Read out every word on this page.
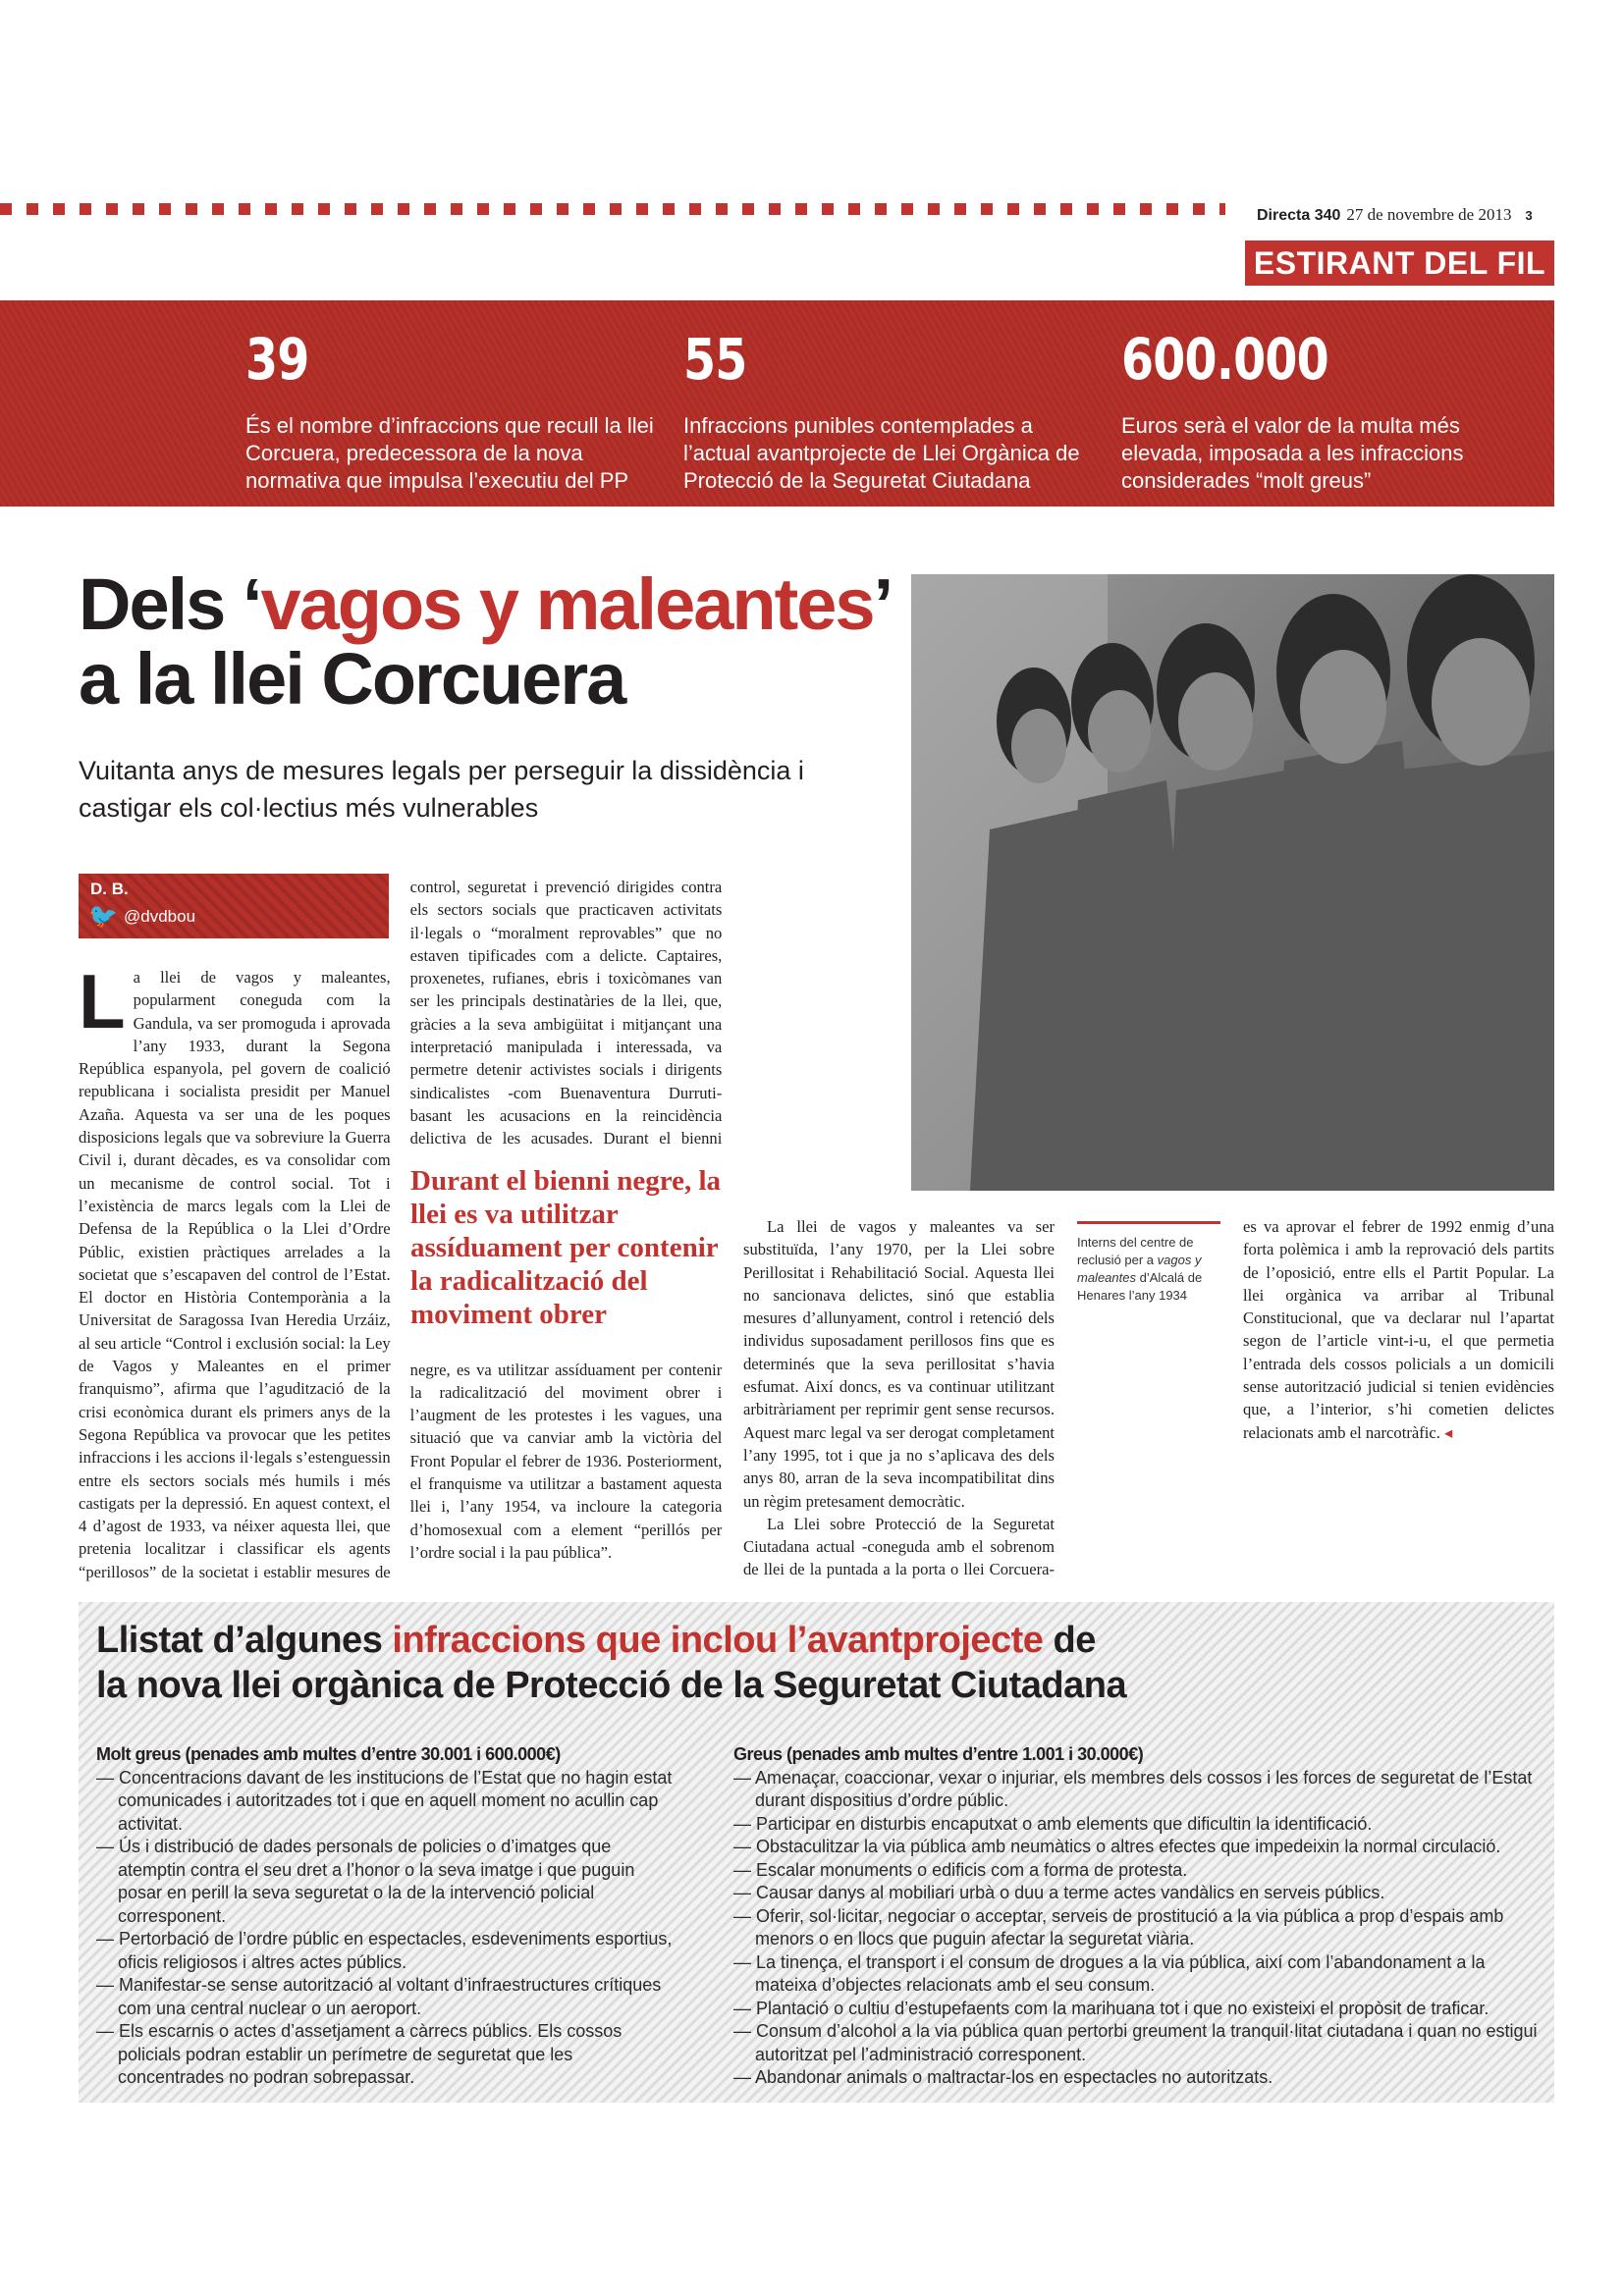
Directa 340 27 de novembre de 2013 3
ESTIRANT DEL FIL
39
És el nombre d’infraccions que recull la llei Corcuera, predecessora de la nova normativa que impulsa l’executiu del PP
55
Infraccions punibles contemplades a l’actual avantprojecte de Llei Orgànica de Protecció de la Seguretat Ciutadana
600.000
Euros serà el valor de la multa més elevada, imposada a les infraccions considerades “molt greus”
Dels ‘vagos y maleantes’
a la llei Corcuera
Vuitanta anys de mesures legals per perseguir la dissidència i castigar els col·lectius més vulnerables
D. B.
🐦 @dvdbou
L a llei de vagos y maleantes, popularment coneguda com la Gandula, va ser promoguda i aprovada l’any 1933, durant la Segona República espanyola, pel govern de coalició republicana i socialista presidit per Manuel Azaña. Aquesta va ser una de les poques disposicions legals que va sobreviure la Guerra Civil i, durant dècades, es va consolidar com un mecanisme de control social. Tot i l’existència de marcs legals com la Llei de Defensa de la República o la Llei d’Ordre Públic, existien pràctiques arrelades a la societat que s’escapaven del control de l’Estat. El doctor en Història Contemporània a la Universitat de Saragossa Ivan Heredia Urzáiz, al seu article “Control i exclusión social: la Ley de Vagos y Maleantes en el primer franquismo”, afirma que l’agudització de la crisi econòmica durant els primers anys de la Segona República va provocar que les petites infraccions i les accions il·legals s’estenguessin entre els sectors socials més humils i més castigats per la depressió. En aquest context, el 4 d’agost de 1933, va néixer aquesta llei, que pretenia localitzar i classificar els agents “perillosos” de la societat i establir mesures de control, seguretat i prevenció dirigides contra els sectors socials que practicaven activitats il·legals o “moralment reprovables” que no estaven tipificades com a delicte. Captaires, proxenetes, rufianes, ebris i toxicòmanes van ser les principals destinatàries de la llei, que, gràcies a la seva ambigüitat i mitjançant una interpretació manipulada i interessada, va permetre detenir activistes socials i dirigents sindicalistes -com Buenaventura Durruti- basant les acusacions en la reincidència delictiva
de les acusades. Durant el bienni negre, es va utilitzar assíduament per contenir la radicalització del moviment obrer i l’augment de les protestes i les vagues, una situació que va canviar amb la victòria del Front Popular el febrer de 1936. Posteriorment, el franquisme va utilitzar a bastament aquesta llei i, l’any 1954, va incloure la categoria d’homosexual com a element “perillós per l’ordre social i la pau pública”.

La llei de vagos y maleantes va ser substituïda, l’any 1970, per la Llei sobre Perillositat i Rehabilitació Social. Aquesta llei no sancionava delictes, sinó que establia mesures d’allunyament, control i retenció dels individus suposadament perillosos fins que es determinés que la seva perillositat s’havia esfumat. Així doncs, es va continuar utilitzant arbitràriament per reprimir gent sense recursos. Aquest marc legal va ser derogat completament l’any 1995, tot i que ja no s’aplicava des dels anys 80, arran de la seva incompatibilitat dins un règim pretesament democràtic.

La Llei sobre Protecció de la Seguretat Ciutadana actual -coneguda amb el sobrenom de llei de la puntada a la porta o llei Corcuera- es va aprovar el febrer de 1992 enmig d’una forta polèmica i amb la reprovació dels partits de l’oposició, entre ells el Partit Popular. La llei orgànica va arribar al Tribunal Constitucional, que va declarar nul l’apartat segon de l’article vint-i-u, el que permetia l’entrada dels cossos policials a un domicili sense autorització judicial si tenien evidències que, a l’interior, s’hi cometien delictes relacionats amb el narcotràfic. ◂

Durant el bienni negre, la llei es va utilitzar assíduament per contenir la radicalització del moviment obrer
Interns del centre de reclusió per a vagos y maleantes d’Alcalá de Henares l’any 1934
Llistat d’algunes infraccions que inclou l’avantprojecte de
la nova llei orgànica de Protecció de la Seguretat Ciutadana
Molt greus (penades amb multes d’entre 30.001 i 600.000€)
— Concentracions davant de les institucions de l’Estat que no hagin estat comunicades i autoritzades tot i que en aquell moment no acullin cap activitat.
— Ús i distribució de dades personals de policies o d’imatges que atemptin contra el seu dret a l’honor o la seva imatge i que puguin posar en perill la seva seguretat o la de la intervenció policial corresponent.
— Pertorbació de l’ordre públic en espectacles, esdeveniments esportius, oficis religiosos i altres actes públics.
— Manifestar-se sense autorització al voltant d’infraestructures crítiques com una central nuclear o un aeroport.
— Els escarnis o actes d’assetjament a càrrecs públics. Els cossos policials podran establir un perímetre de seguretat que les concentrades no podran sobrepassar.
Greus (penades amb multes d’entre 1.001 i 30.000€)
— Amenaçar, coaccionar, vexar o injuriar, els membres dels cossos i les forces de seguretat de l’Estat durant dispositius d’ordre públic.
— Participar en disturbis encaputxat o amb elements que dificultin la identificació.
— Obstaculitzar la via pública amb neumàtics o altres efectes que impedeixin la normal circulació.
— Escalar monuments o edificis com a forma de protesta.
— Causar danys al mobiliari urbà o duu a terme actes vandàlics en serveis públics.
— Oferir, sol·licitar, negociar o acceptar, serveis de prostitució a la via pública a prop d’espais amb menors o en llocs que puguin afectar la seguretat viària.
— La tinença, el transport i el consum de drogues a la via pública, així com l’abandonament a la mateixa d’objectes relacionats amb el seu consum.
— Plantació o cultiu d’estupefaents com la marihuana tot i que no existeixi el propòsit de traficar.
— Consum d’alcohol a la via pública quan pertorbi greument la tranquil·litat ciutadana i quan no estigui autoritzat pel l’administració corresponent.
— Abandonar animals o maltractar-los en espectacles no autoritzats.
